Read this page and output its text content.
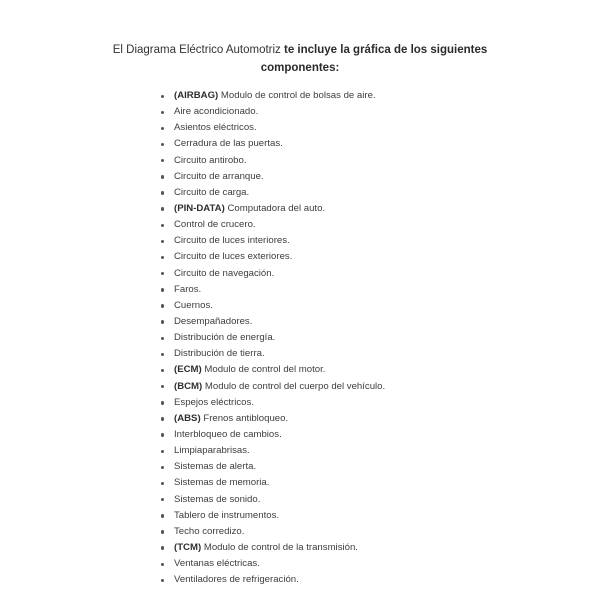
El Diagrama Eléctrico Automotriz te incluye la gráfica de los siguientes
componentes:
(AIRBAG) Modulo de control de bolsas de aire.
Aire acondicionado.
Asientos eléctricos.
Cerradura de las puertas.
Circuito antirobo.
Circuito de arranque.
Circuito de carga.
(PIN-DATA) Computadora del auto.
Control de crucero.
Circuito de luces interiores.
Circuito de luces exteriores.
Circuito de navegación.
Faros.
Cuernos.
Desempañadores.
Distribución de energía.
Distribución de tierra.
(ECM) Modulo de control del motor.
(BCM) Modulo de control del cuerpo del vehículo.
Espejos eléctricos.
(ABS) Frenos antibloqueo.
Interbloqueo de cambios.
Limpiaparabrisas.
Sistemas de alerta.
Sistemas de memoria.
Sistemas de sonido.
Tablero de instrumentos.
Techo corredizo.
(TCM) Modulo de control de la transmisión.
Ventanas eléctricas.
Ventiladores de refrigeración.
